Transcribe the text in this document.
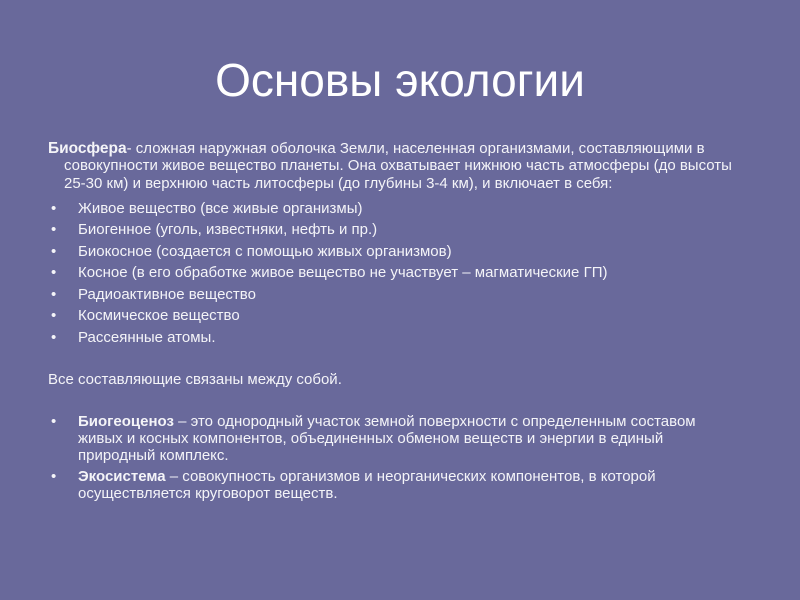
Основы экологии

Биосфера- сложная наружная оболочка Земли, населенная организмами, составляющими в совокупности живое вещество планеты. Она охватывает нижнюю часть атмосферы (до высоты 25-30 км) и верхнюю часть литосферы (до глубины 3-4 км), и включает в себя:

• Живое вещество (все живые организмы)
• Биогенное (уголь, известняки, нефть и пр.)
• Биокосное (создается с помощью живых организмов)
• Косное (в его обработке живое вещество не участвует – магматические ГП)
• Радиоактивное вещество
• Космическое вещество
• Рассеянные атомы.

Все составляющие связаны между собой.

• Биогеоценоз – это однородный участок земной поверхности с определенным составом живых и косных компонентов, объединенных обменом веществ и энергии в единый природный комплекс.
• Экосистема – совокупность организмов и неорганических компонентов, в которой осуществляется круговорот веществ.
